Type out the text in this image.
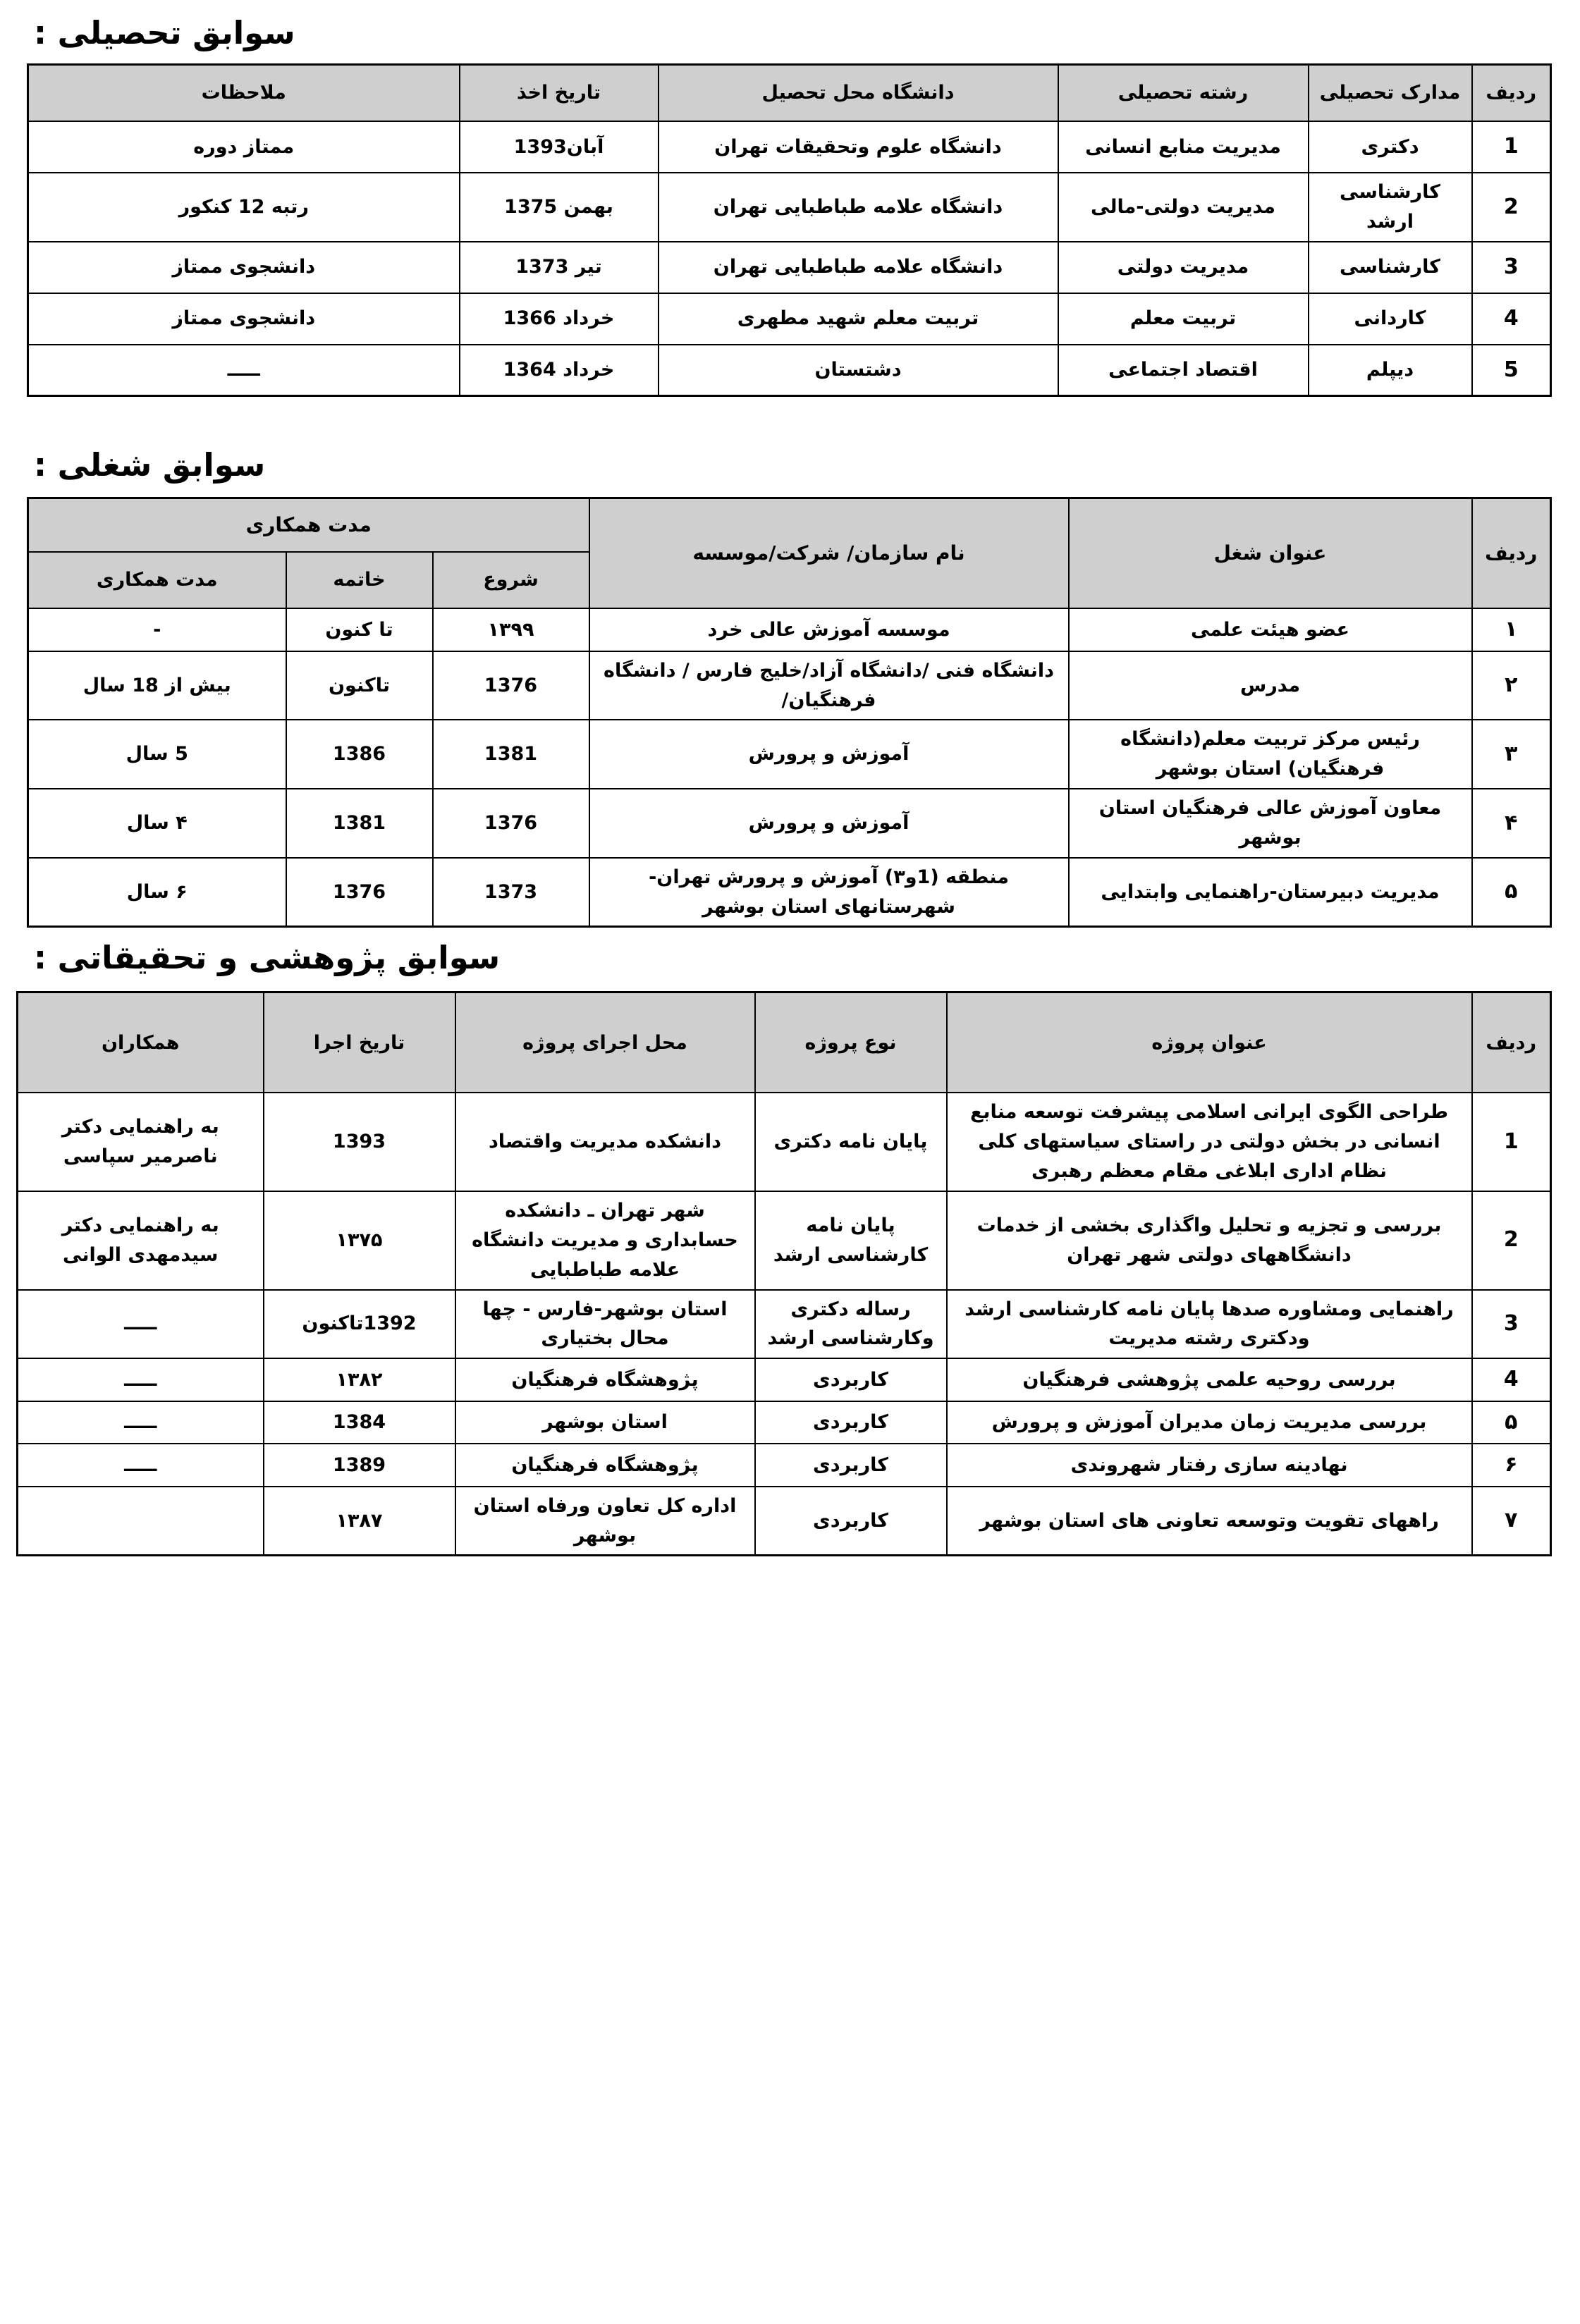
سوابق تحصیلی :
ردیف	مدارک تحصیلی	رشته تحصیلی	دانشگاه محل تحصیل	تاریخ اخذ	ملاحظات
1	دکتری	مدیریت منابع انسانی	دانشگاه علوم وتحقیقات تهران	آبان1393	ممتاز دوره
2	کارشناسی ارشد	مدیریت دولتی-مالی	دانشگاه علامه طباطبایی تهران	بهمن 1375	رتبه 12 کنکور
3	کارشناسی	مدیریت دولتی	دانشگاه علامه طباطبایی تهران	تیر 1373	دانشجوی ممتاز
4	کاردانی	تربیت معلم	تربیت معلم شهید مطهری	خرداد 1366	دانشجوی ممتاز
5	دیپلم	اقتصاد اجتماعی	دشتستان	خرداد 1364	ـــــ
سوابق شغلی :
ردیف	عنوان شغل	نام سازمان/ شرکت/موسسه	مدت همکاری		
			شروع	خاتمه	مدت همکاری
۱	عضو هیئت علمی	موسسه آموزش عالی خرد	۱۳۹۹	تا کنون	-
۲	مدرس	دانشگاه فنی /دانشگاه آزاد/خلیج فارس / دانشگاه فرهنگیان/	1376	تاکنون	بیش از 18 سال
۳	رئیس مرکز تربیت معلم(دانشگاه فرهنگیان) استان بوشهر	آموزش و پرورش	1381	1386	5 سال
۴	معاون آموزش عالی فرهنگیان استان بوشهر	آموزش و پرورش	1376	1381	۴ سال
۵	مدیریت دبیرستان-راهنمایی وابتدایی	منطقه (1و۳) آموزش و پرورش تهران-شهرستانهای استان بوشهر	1373	1376	۶ سال
سوابق پژوهشی و تحقیقاتی :
ردیف	عنوان پروژه	نوع پروژه	محل اجرای پروژه	تاریخ اجرا	همکاران
1	طراحی الگوی ایرانی اسلامی پیشرفت توسعه منابع انسانی در بخش دولتی در راستای سیاستهای کلی نظام اداری ابلاغی مقام معظم رهبری	پایان نامه دکتری	دانشکده مدیریت واقتصاد	1393	به راهنمایی دکتر ناصرمیر سپاسی
2	بررسی و تجزیه و تحلیل واگذاری بخشی از خدمات دانشگاههای دولتی شهر تهران	پایان نامه کارشناسی ارشد	شهر تهران ـ دانشکده حسابداری و مدیریت دانشگاه علامه طباطبایی	۱۳۷۵	به راهنمایی دکتر سیدمهدی الوانی
3	راهنمایی ومشاوره صدها پایان نامه کارشناسی ارشد ودکتری رشته مدیریت	رساله دکتری وکارشناسی ارشد	استان بوشهر-فارس - چها محال بختیاری	1392تاکنون	ـــــ
4	بررسی روحیه علمی پژوهشی فرهنگیان	کاربردی	پژوهشگاه فرهنگیان	۱۳۸۲	ـــــ
۵	بررسی مدیریت زمان مدیران آموزش و پرورش	کاربردی	استان بوشهر	1384	ـــــ
۶	نهادینه سازی رفتار شهروندی	کاربردی	پژوهشگاه فرهنگیان	1389	ـــــ
۷	راههای تقویت وتوسعه تعاونی های استان بوشهر	کاربردی	اداره کل تعاون ورفاه استان بوشهر	۱۳۸۷	
